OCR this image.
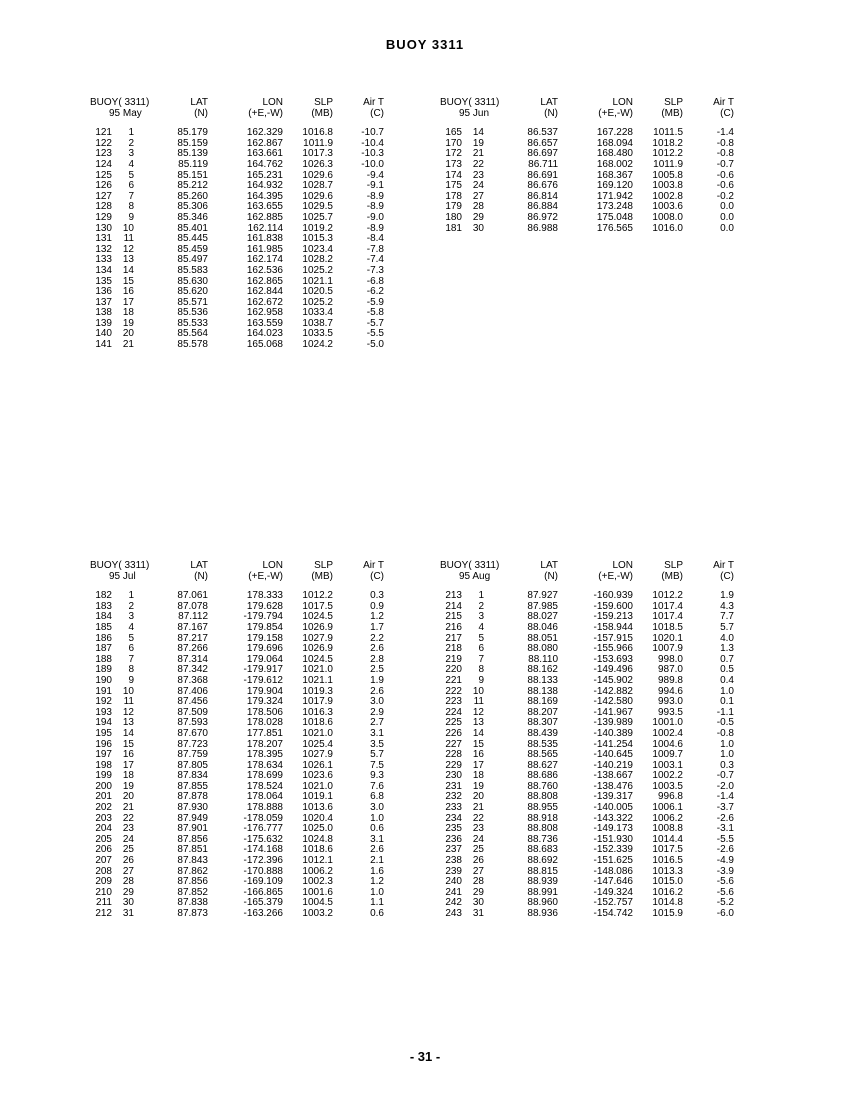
BUOY 3311
BUOY( 3311)	LAT	LON	SLP	Air T
95 May	(N)	(+E,-W)	(MB)	(C)
121 1	85.179	162.329 1016.8	-10.7
122 2	85.159	162.867 1011.9	-10.4
123 3	85.139	163.661 1017.3	-10.3
124 4	85.119	164.762 1026.3	-10.0
125 5	85.151	165.231 1029.6	-9.4
126 6	85.212	164.932 1028.7	-9.1
127 7	85.260	164.395 1029.6	-8.9
128 8	85.306	163.655 1029.5	-8.9
129 9	85.346	162.885 1025.7	-9.0
130 10	85.401	162.114 1019.2	-8.9
131 11	85.445	161.838 1015.3	-8.4
132 12	85.459	161.985 1023.4	-7.8
133 13	85.497	162.174 1028.2	-7.4
134 14	85.583	162.536 1025.2	-7.3
135 15	85.630	162.865 1021.1	-6.8
136 16	85.620	162.844 1020.5	-6.2
137 17	85.571	162.672 1025.2	-5.9
138 18	85.536	162.958 1033.4	-5.8
139 19	85.533	163.559 1038.7	-5.7
140 20	85.564	164.023 1033.5	-5.5
141 21	85.578	165.068 1024.2	-5.0
BUOY( 3311)	LAT	LON	SLP	Air T
95 Jun	(N)	(+E,-W)	(MB)	(C)
165 14	86.537	167.228 1011.5	-1.4
170 19	86.657	168.094 1018.2	-0.8
172 21	86.697	168.480 1012.2	-0.8
173 22	86.711	168.002 1011.9	-0.7
174 23	86.691	168.367 1005.8	-0.6
175 24	86.676	169.120 1003.8	-0.6
178 27	86.814	171.942 1002.8	-0.2
179 28	86.884	173.248 1003.6	0.0
180 29	86.972	175.048 1008.0	0.0
181 30	86.988	176.565 1016.0	0.0
BUOY( 3311)	LAT	LON	SLP	Air T
95 Jul	(N)	(+E,-W)	(MB)	(C)
182 1	87.061	178.333 1012.2	0.3
183 2	87.078	179.628 1017.5	0.9
184 3	87.112	-179.794 1024.5	1.2
185 4	87.167	179.854 1026.9	1.7
186 5	87.217	179.158 1027.9	2.2
187 6	87.266	179.696 1026.9	2.6
188 7	87.314	179.064 1024.5	2.8
189 8	87.342	-179.917 1021.0	2.5
190 9	87.368	-179.612 1021.1	1.9
191 10	87.406	179.904 1019.3	2.6
192 11	87.456	179.324 1017.9	3.0
193 12	87.509	178.506 1016.3	2.9
194 13	87.593	178.028 1018.6	2.7
195 14	87.670	177.851 1021.0	3.1
196 15	87.723	178.207 1025.4	3.5
197 16	87.759	178.395 1027.9	5.7
198 17	87.805	178.634 1026.1	7.5
199 18	87.834	178.699 1023.6	9.3
200 19	87.855	178.524 1021.0	7.6
201 20	87.878	178.064 1019.1	6.8
202 21	87.930	178.888 1013.6	3.0
203 22	87.949	-178.059 1020.4	1.0
204 23	87.901	-176.777 1025.0	0.6
205 24	87.856	-175.632 1024.8	3.1
206 25	87.851	-174.168 1018.6	2.6
207 26	87.843	-172.396 1012.1	2.1
208 27	87.862	-170.888 1006.2	1.6
209 28	87.856	-169.109 1002.3	1.2
210 29	87.852	-166.865 1001.6	1.0
211 30	87.838	-165.379 1004.5	1.1
212 31	87.873	-163.266 1003.2	0.6
BUOY( 3311)	LAT	LON	SLP	Air T
95 Aug	(N)	(+E,-W)	(MB)	(C)
213 1	87.927	-160.939 1012.2	1.9
214 2	87.985	-159.600 1017.4	4.3
215 3	88.027	-159.213 1017.4	7.7
216 4	88.046	-158.944 1018.5	5.7
217 5	88.051	-157.915 1020.1	4.0
218 6	88.080	-155.966 1007.9	1.3
219 7	88.110	-153.693 998.0	0.7
220 8	88.162	-149.496 987.0	0.5
221 9	88.133	-145.902 989.8	0.4
222 10	88.138	-142.882 994.6	1.0
223 11	88.169	-142.580 993.0	0.1
224 12	88.207	-141.967 993.5	-1.1
225 13	88.307	-139.989 1001.0	-0.5
226 14	88.439	-140.389 1002.4	-0.8
227 15	88.535	-141.254 1004.6	1.0
228 16	88.565	-140.645 1009.7	1.0
229 17	88.627	-140.219 1003.1	0.3
230 18	88.686	-138.667 1002.2	-0.7
231 19	88.760	-138.476 1003.5	-2.0
232 20	88.808	-139.317 996.8	-1.4
233 21	88.955	-140.005 1006.1	-3.7
234 22	88.918	-143.322 1006.2	-2.6
235 23	88.808	-149.173 1008.8	-3.1
236 24	88.736	-151.930 1014.4	-5.5
237 25	88.683	-152.339 1017.5	-2.6
238 26	88.692	-151.625 1016.5	-4.9
239 27	88.815	-148.086 1013.3	-3.9
240 28	88.939	-147.646 1015.0	-5.6
241 29	88.991	-149.324 1016.2	-5.6
242 30	88.960	-152.757 1014.8	-5.2
243 31	88.936	-154.742 1015.9	-6.0
- 31 -
